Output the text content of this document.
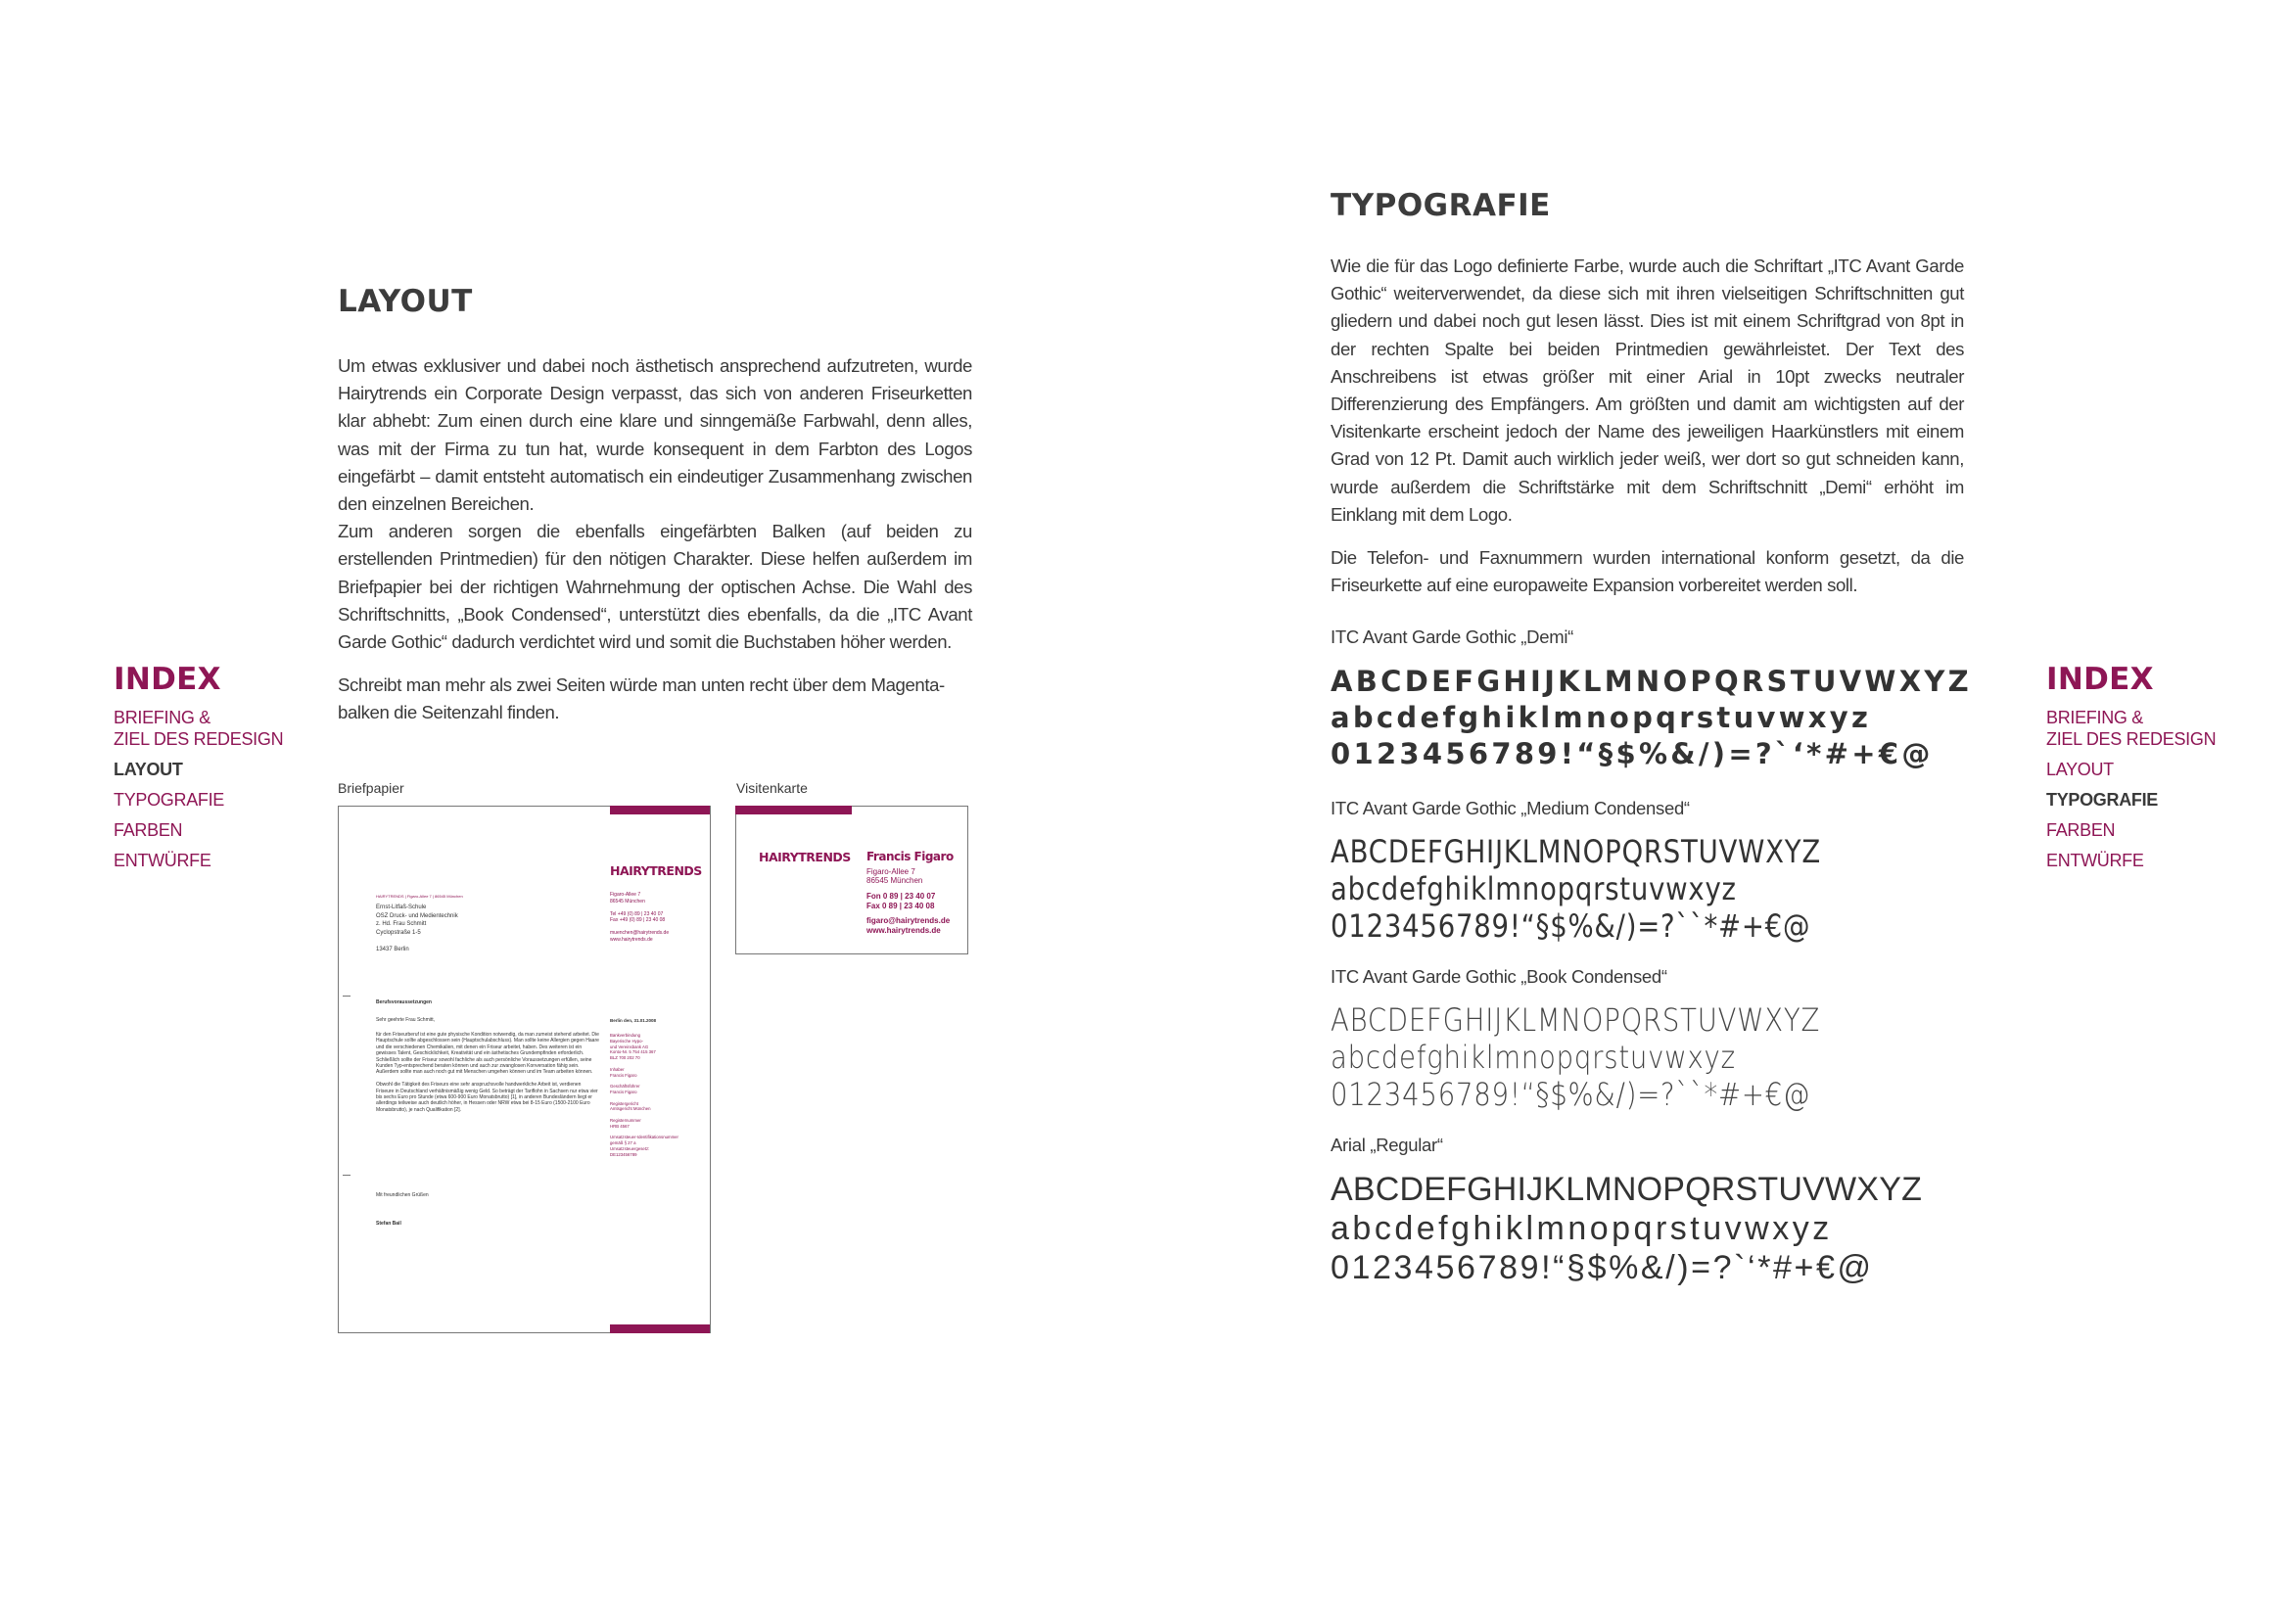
INDEX
BRIEFING &
ZIEL DES REDESIGN
LAYOUT
TYPOGRAFIE
FARBEN
ENTWÜRFE
LAYOUT

Um etwas exklusiver und dabei noch ästhetisch ansprechend aufzutreten, wurde Hairytrends ein Corporate Design verpasst, das sich von anderen Friseurketten klar abhebt: Zum einen durch eine klare und sinngemäße Farbwahl, denn alles, was mit der Firma zu tun hat, wurde konsequent in dem Farbton des Logos eingefärbt – damit entsteht automatisch ein eindeutiger Zusammenhang zwischen den einzelnen Bereichen.

Zum anderen sorgen die ebenfalls eingefärbten Balken (auf beiden zu erstellenden Printmedien) für den nötigen Charakter. Diese helfen außerdem im Briefpapier bei der richtigen Wahrnehmung der optischen Achse. Die Wahl des Schriftschnitts, „Book Condensed“, unterstützt dies ebenfalls, da die „ITC Avant Garde Gothic“ dadurch verdichtet wird und somit die Buchstaben höher werden.

Schreibt man mehr als zwei Seiten würde man unten recht über dem Magenta-balken die Seitenzahl finden.

Briefpapier	Visitenkarte
HAIRYTRENDS
HAIRYTRENDS | Figaro-Allee 7 | 86545 München
Ernst-Litfaß-Schule
OSZ Druck- und Medientechnik
z. Hd. Frau Schmitt
Cyclopstraße 1-5

13437 Berlin
Figaro-Allee 7
86545 München

Tel +49 (0) 89 | 23 40 07
Fax +49 (0) 89 | 23 40 08

muenchen@hairytrends.de
www.hairytrends.de
Berufsvoraussetzungen
Berlin den, 31.01.2008
Sehr geehrte Frau Schmitt,
für den Friseurberuf ist eine gute physische Kondition notwendig, da man zumeist stehend arbeitet. Die Hauptschule sollte abgeschlossen sein (Hauptschulabschluss). Man sollte keine Allergien gegen Haare und die verschiedenen Chemikalien, mit denen ein Friseur arbeitet, haben. Des weiteren ist ein gewisses Talent, Geschicklichkeit, Kreativität und ein ästhetisches Grundempfinden erforderlich. Schließlich sollte der Friseur sowohl fachliche als auch persönliche Voraussetzungen erfüllen, seine Kunden Typ-entsprechend beraten können und auch zur zwanglosen Konversation fähig sein. Außerdem sollte man auch noch gut mit Menschen umgehen können und im Team arbeiten können.

Obwohl die Tätigkeit des Friseurs eine sehr anspruchsvolle handwerkliche Arbeit ist, verdienen Friseure in Deutschland verhältnismäßig wenig Geld. So beträgt der Tariflohn in Sachsen nur etwa vier bis sechs Euro pro Stunde (etwa 600-900 Euro Monatsbrutto) [1], in anderen Bundesländern liegt er allerdings teilweise auch deutlich höher, in Hessen oder NRW etwa bei 8-15 Euro (1500-2100 Euro Monatsbrutto), je nach Qualifikation [2].
Bankverbindung
Bayerische Hypo-
und Vereinsbank AG
Konto-Nr. 5 754 415 367
BLZ 700 202 70

Inhaber
Francis Figaro

Geschäftsführer
Francis Figaro

Registergericht
Amtsgericht München

Registernummer
HRB 4567

Umsatzsteuer-Identifikationsnummer
gemäß § 27 a
Umsatzsteuergesetz:
DE123456789
Mit freundlichen Grüßen
Stefan Bail
HAIRYTRENDS Francis Figaro
Figaro-Allee 7
86545 München
Fon 0 89 | 23 40 07
Fax 0 89 | 23 40 08
figaro@hairytrends.de
www.hairytrends.de
TYPOGRAFIE

Wie die für das Logo definierte Farbe, wurde auch die Schriftart „ITC Avant Garde Gothic“ weiterverwendet, da diese sich mit ihren vielseitigen Schriftschnitten gut gliedern und dabei noch gut lesen lässt. Dies ist mit einem Schriftgrad von 8pt in der rechten Spalte bei beiden Printmedien gewährleistet. Der Text des Anschreibens ist etwas größer mit einer Arial in 10pt zwecks neutraler Differenzierung des Empfängers. Am größten und damit am wichtigsten auf der Visitenkarte erscheint jedoch der Name des jeweiligen Haarkünstlers mit einem Grad von 12 Pt. Damit auch wirklich jeder weiß, wer dort so gut schneiden kann, wurde außerdem die Schriftstärke mit dem Schriftschnitt „Demi“ erhöht im Einklang mit dem Logo.

Die Telefon- und Faxnummern wurden international konform gesetzt, da die Friseurkette auf eine europaweite Expansion vorbereitet werden soll.

ITC Avant Garde Gothic „Demi“
ABCDEFGHIJKLMNOPQRSTUVWXYZ
abcdefghiklmnopqrstuvwxyz
0123456789!“§$%&/)=?`‘*#+€@
ITC Avant Garde Gothic „Medium Condensed“
ABCDEFGHIJKLMNOPQRSTUVWXYZ
abcdefghiklmnopqrstuvwxyz
0123456789!“§$%&/)=?``*#+€@
ITC Avant Garde Gothic „Book Condensed“
ABCDEFGHIJKLMNOPQRSTUVWXYZ
abcdefghiklmnopqrstuvwxyz
0123456789!“§$%&/)=?``*#+€@
Arial „Regular“
ABCDEFGHIJKLMNOPQRSTUVWXYZ
abcdefghiklmnopqrstuvwxyz
0123456789!“§$%&/)=?`‘*#+€@
INDEX
BRIEFING &
ZIEL DES REDESIGN
LAYOUT
TYPOGRAFIE
FARBEN
ENTWÜRFE
